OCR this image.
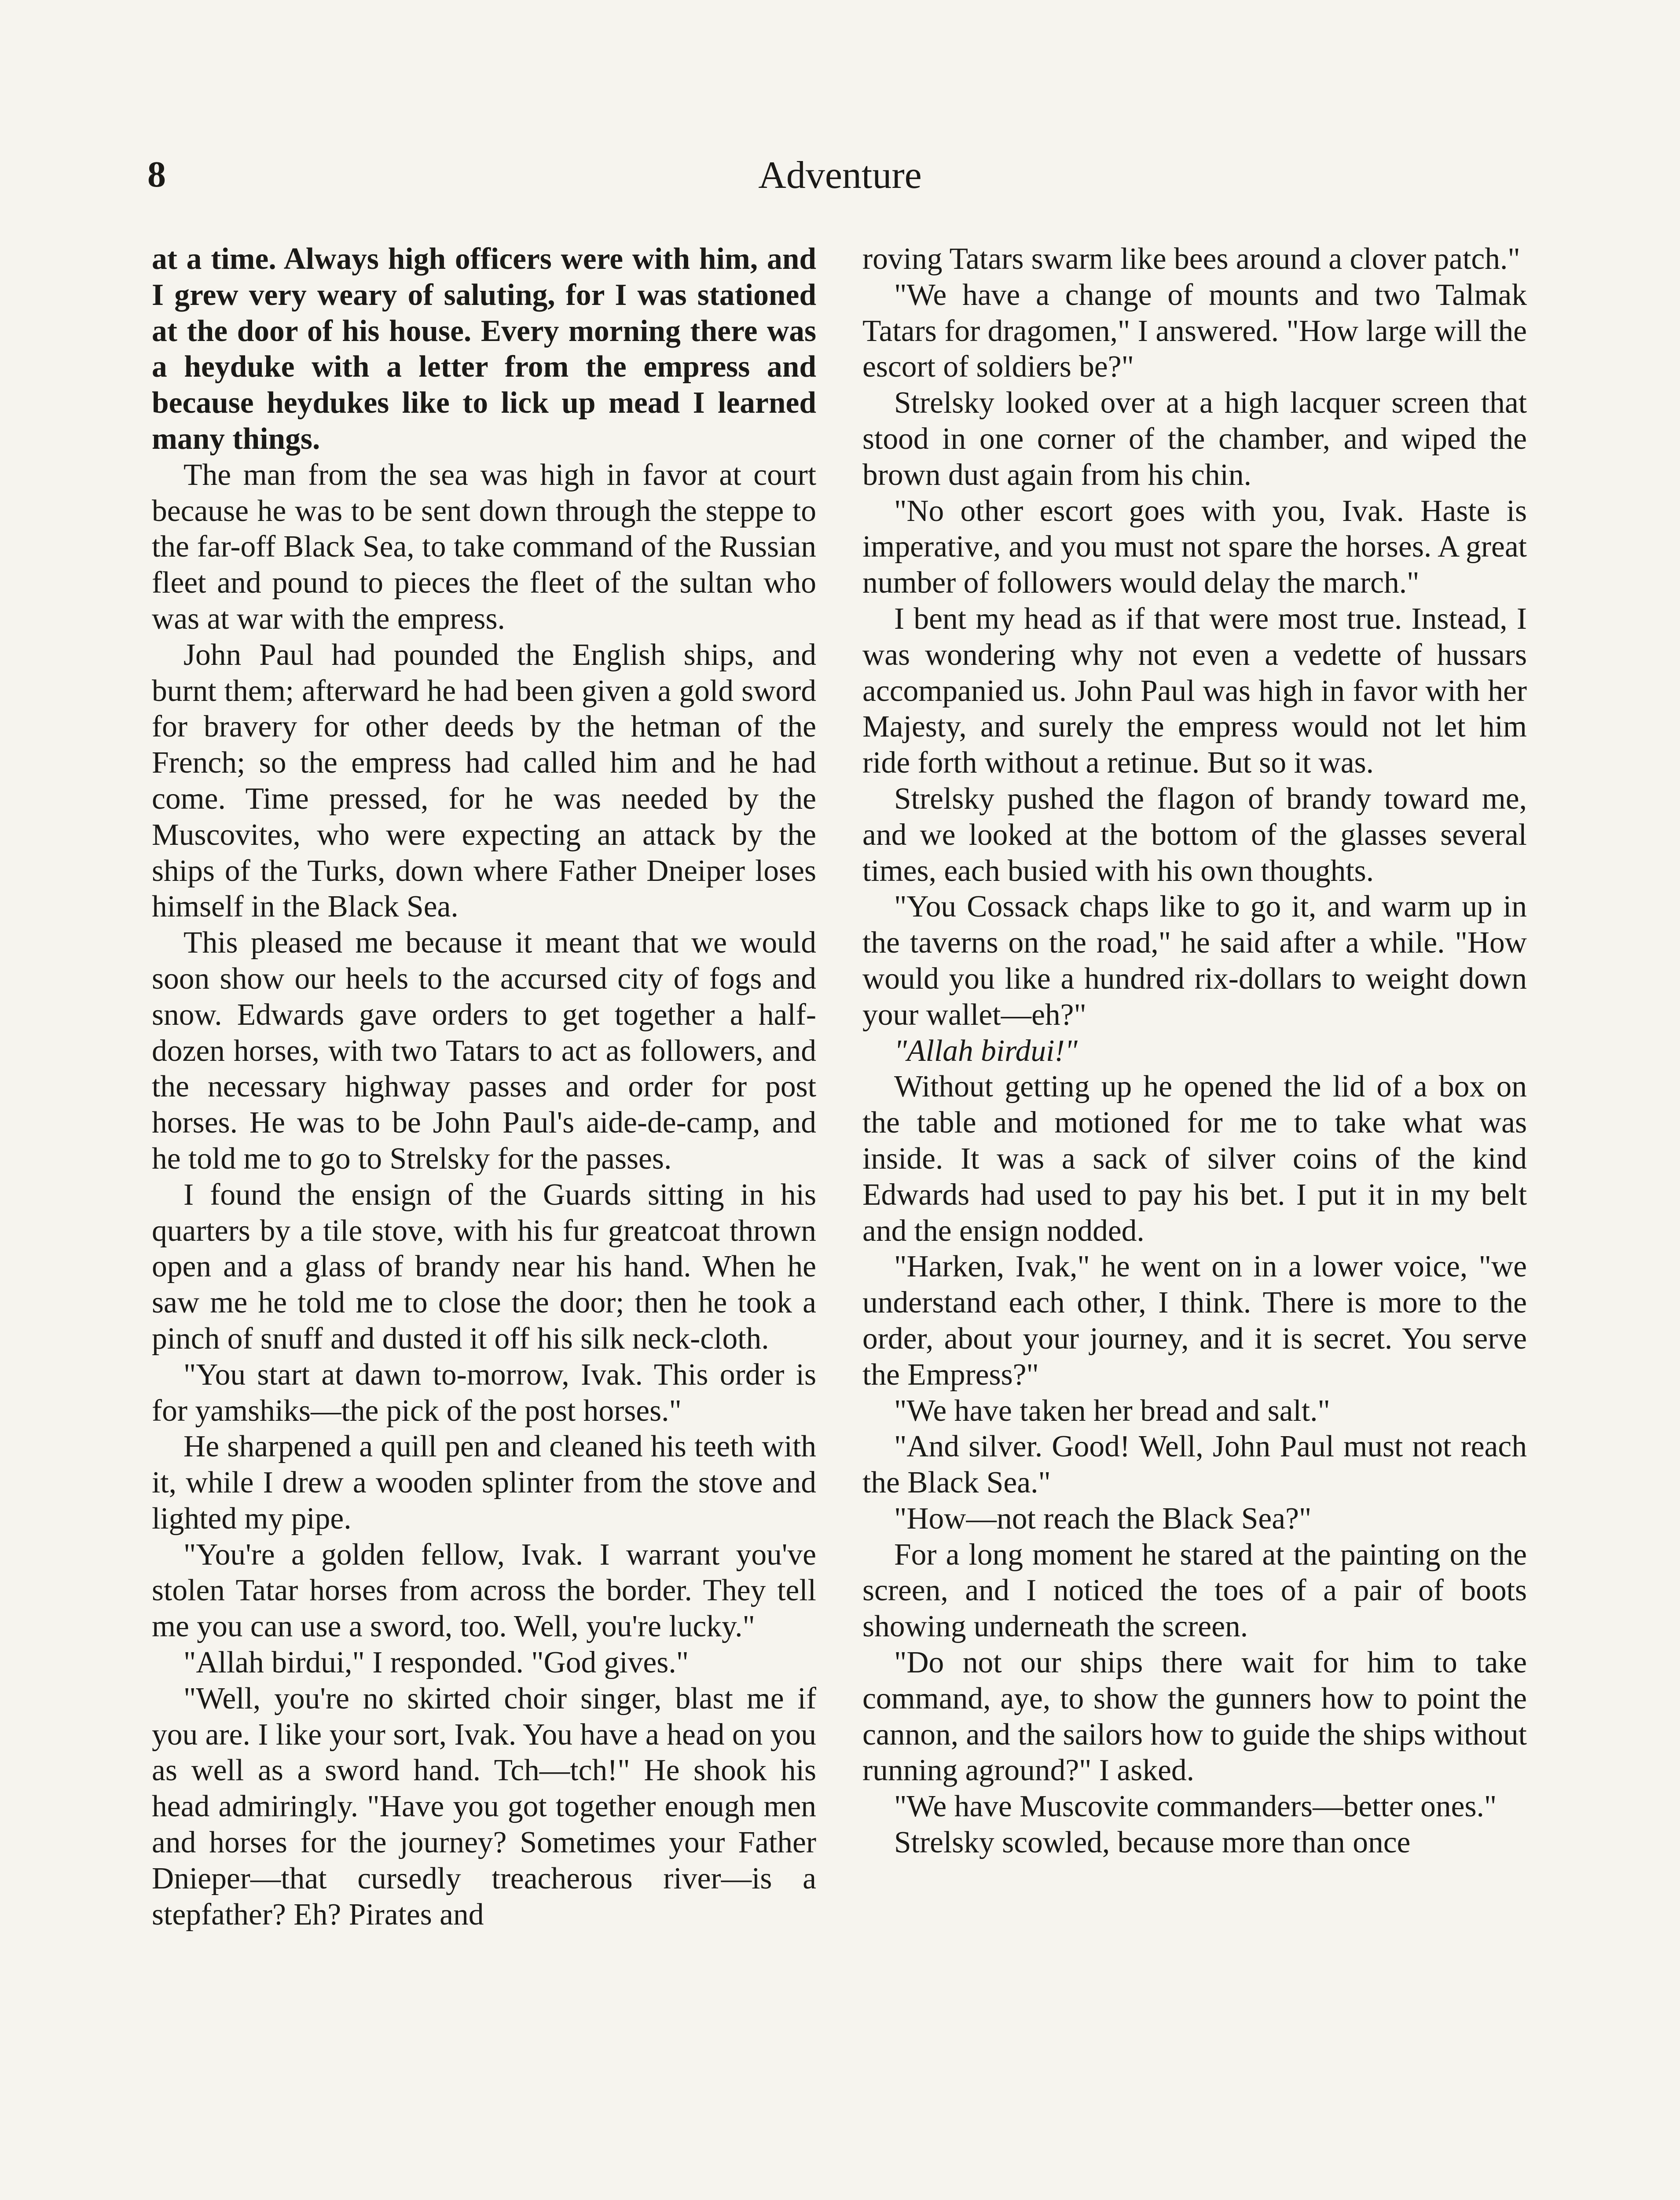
8	Adventure

at a time. Always high officers were with him, and I grew very weary of saluting, for I was stationed at the door of his house. Every morning there was a heyduke with a letter from the empress and because heydukes like to lick up mead I learned many things.

The man from the sea was high in favor at court because he was to be sent down through the steppe to the far-off Black Sea, to take command of the Russian fleet and pound to pieces the fleet of the sultan who was at war with the empress.

John Paul had pounded the English ships, and burnt them; afterward he had been given a gold sword for bravery for other deeds by the hetman of the French; so the empress had called him and he had come. Time pressed, for he was needed by the Muscovites, who were expecting an attack by the ships of the Turks, down where Father Dneiper loses himself in the Black Sea.

This pleased me because it meant that we would soon show our heels to the accursed city of fogs and snow. Edwards gave orders to get together a half-dozen horses, with two Tatars to act as followers, and the necessary highway passes and order for post horses. He was to be John Paul's aide-de-camp, and he told me to go to Strelsky for the passes.

I found the ensign of the Guards sitting in his quarters by a tile stove, with his fur greatcoat thrown open and a glass of brandy near his hand. When he saw me he told me to close the door; then he took a pinch of snuff and dusted it off his silk neck-cloth.

"You start at dawn to-morrow, Ivak. This order is for yamshiks—the pick of the post horses."

He sharpened a quill pen and cleaned his teeth with it, while I drew a wooden splinter from the stove and lighted my pipe.

"You're a golden fellow, Ivak. I warrant you've stolen Tatar horses from across the border. They tell me you can use a sword, too. Well, you're lucky."

"Allah birdui," I responded. "God gives."

"Well, you're no skirted choir singer, blast me if you are. I like your sort, Ivak. You have a head on you as well as a sword hand. Tch—tch!" He shook his head admiringly. "Have you got together enough men and horses for the journey? Sometimes your Father Dnieper—that cursedly treacherous river—is a stepfather? Eh? Pirates and

roving Tatars swarm like bees around a clover patch."

"We have a change of mounts and two Talmak Tatars for dragomen," I answered. "How large will the escort of soldiers be?"

Strelsky looked over at a high lacquer screen that stood in one corner of the chamber, and wiped the brown dust again from his chin.

"No other escort goes with you, Ivak. Haste is imperative, and you must not spare the horses. A great number of followers would delay the march."

I bent my head as if that were most true. Instead, I was wondering why not even a vedette of hussars accompanied us. John Paul was high in favor with her Majesty, and surely the empress would not let him ride forth without a retinue. But so it was.

Strelsky pushed the flagon of brandy toward me, and we looked at the bottom of the glasses several times, each busied with his own thoughts.

"You Cossack chaps like to go it, and warm up in the taverns on the road," he said after a while. "How would you like a hundred rix-dollars to weight down your wallet—eh?"

"Allah birdui!"

Without getting up he opened the lid of a box on the table and motioned for me to take what was inside. It was a sack of silver coins of the kind Edwards had used to pay his bet. I put it in my belt and the ensign nodded.

"Harken, Ivak," he went on in a lower voice, "we understand each other, I think. There is more to the order, about your journey, and it is secret. You serve the Empress?"

"We have taken her bread and salt."

"And silver. Good! Well, John Paul must not reach the Black Sea."

"How—not reach the Black Sea?"

For a long moment he stared at the painting on the screen, and I noticed the toes of a pair of boots showing underneath the screen.

"Do not our ships there wait for him to take command, aye, to show the gunners how to point the cannon, and the sailors how to guide the ships without running aground?" I asked.

"We have Muscovite commanders—better ones."

Strelsky scowled, because more than once
